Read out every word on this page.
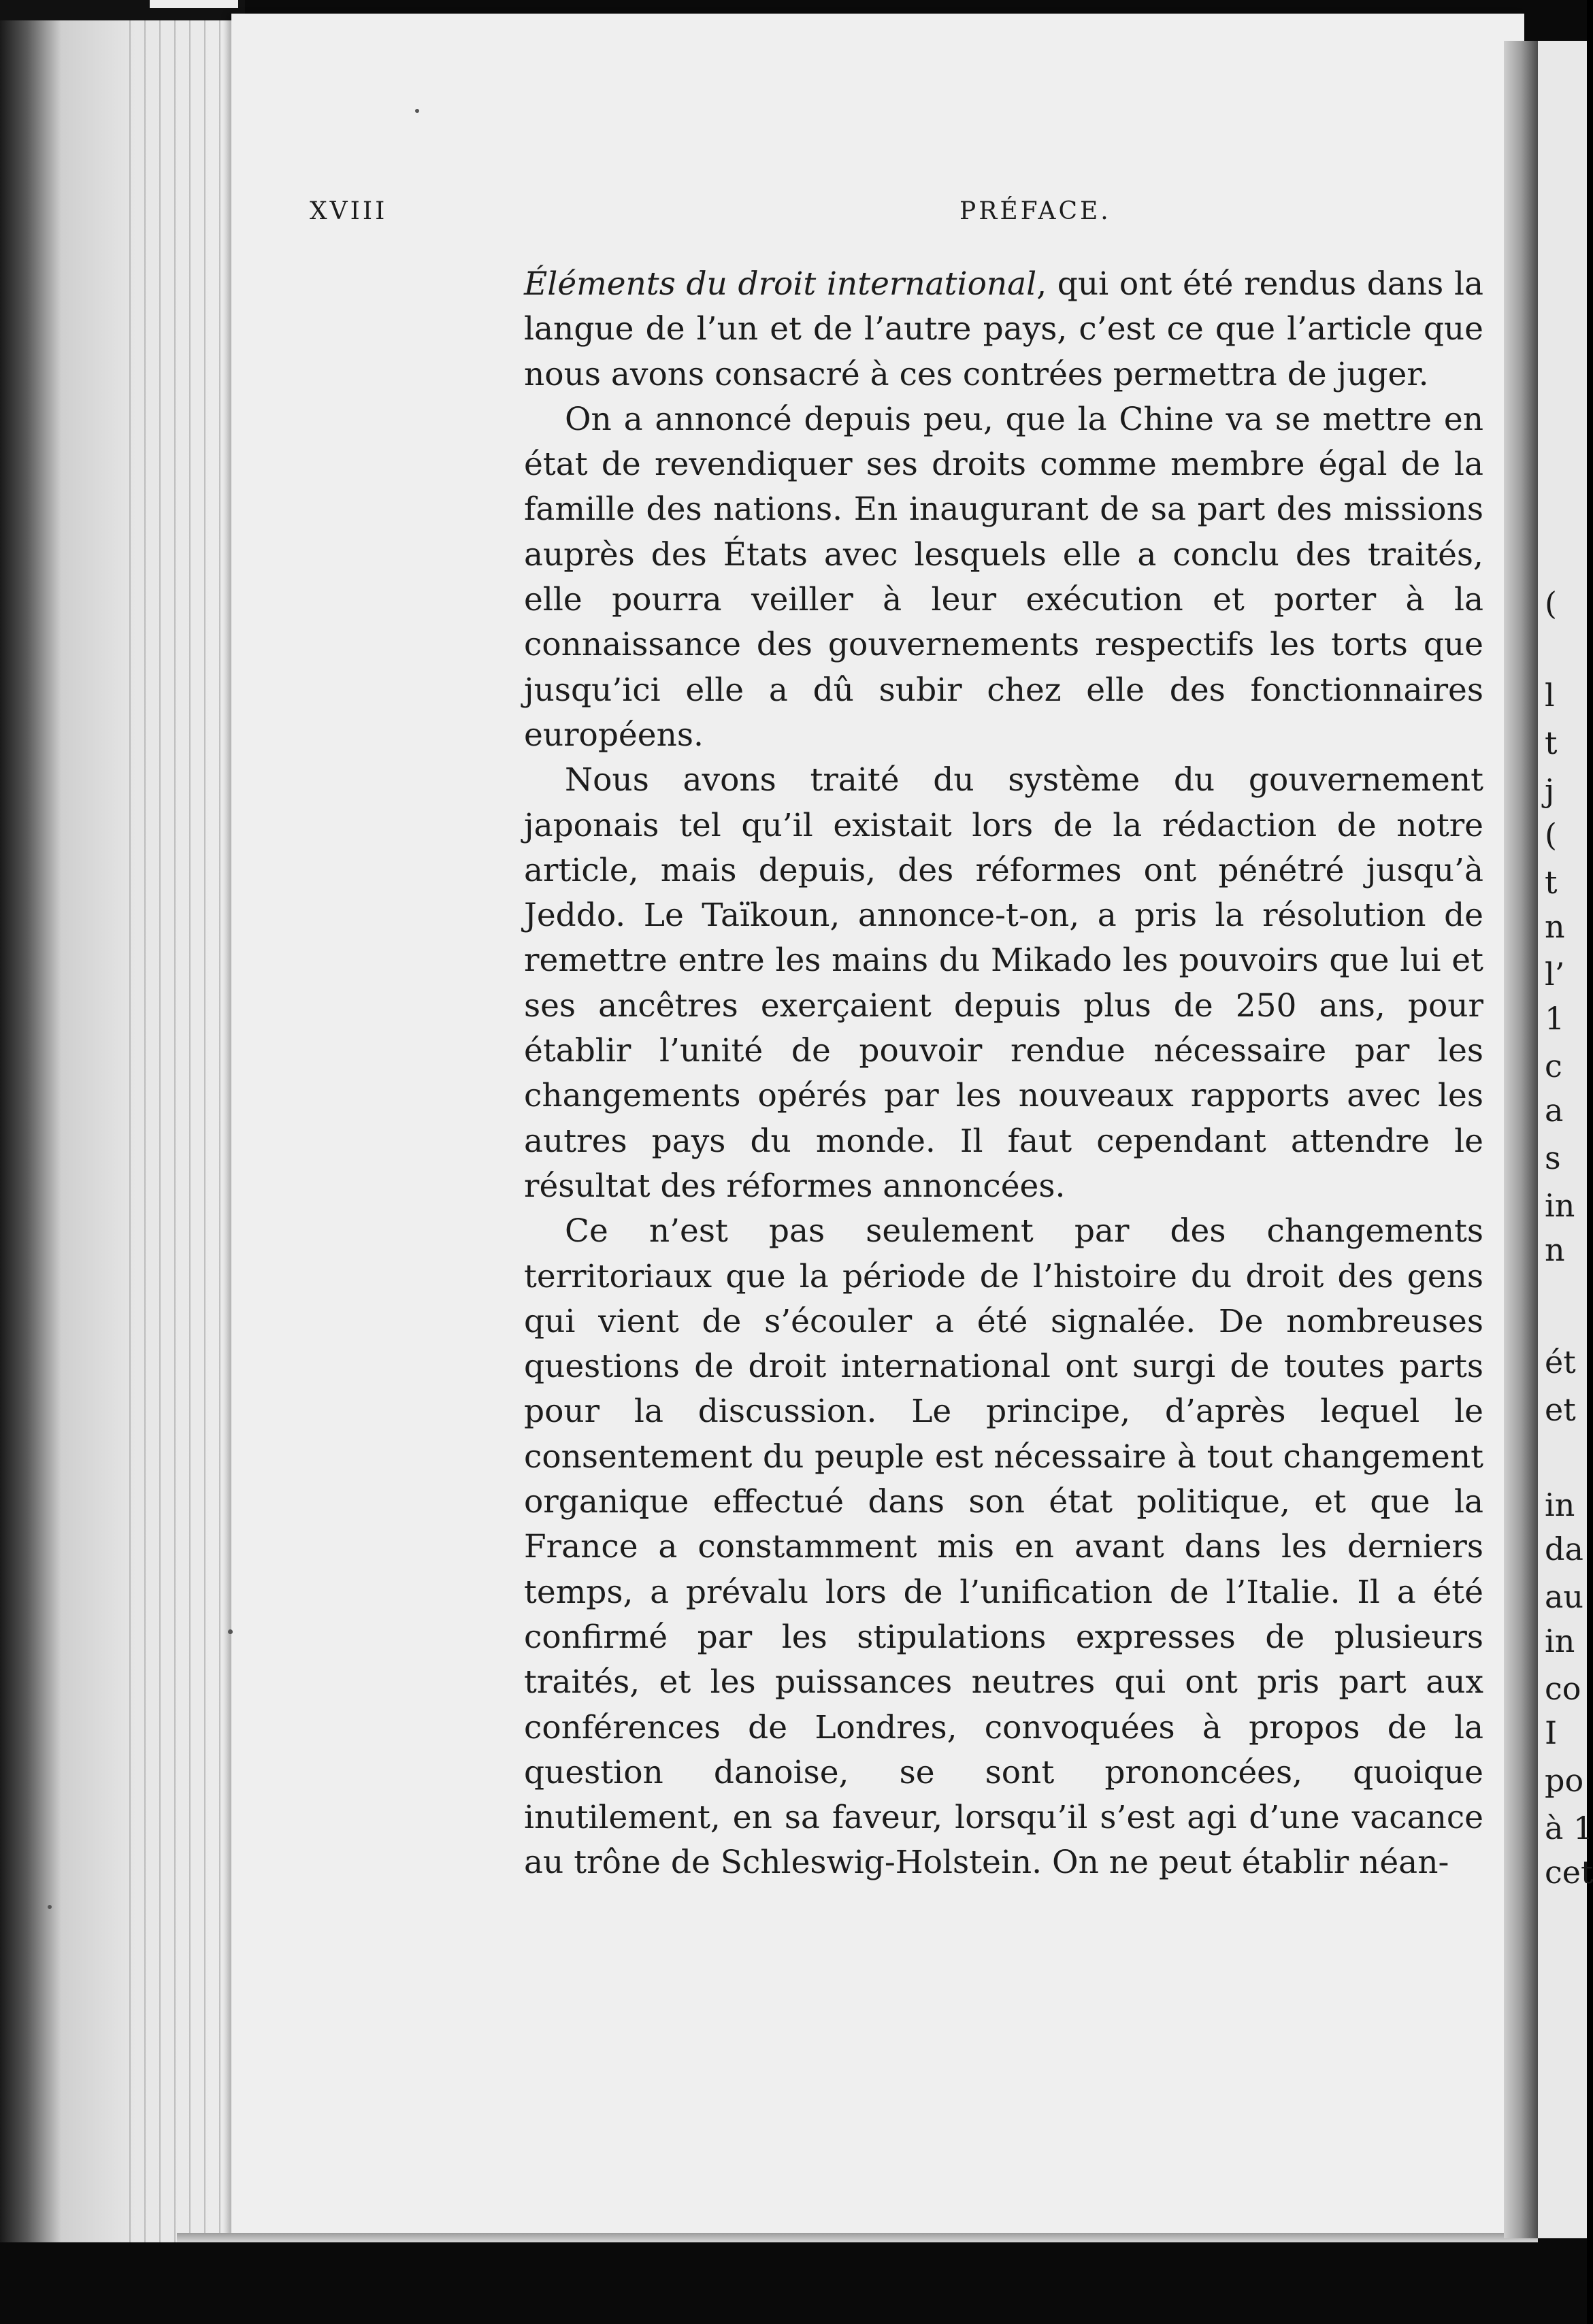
(
l
t
j
(
t
n
l’
1
c
a
s
in
n
ét
et
in
da
au
in
co
I
po
à 1
cet
XVIII	PRÉFACE.

Éléments du droit international, qui ont été rendus dans la langue de l’un et de l’autre pays, c’est ce que l’article que nous avons consacré à ces contrées permettra de juger.

On a annoncé depuis peu, que la Chine va se mettre en état de revendiquer ses droits comme membre égal de la famille des nations. En inaugurant de sa part des missions auprès des États avec lesquels elle a conclu des traités, elle pourra veiller à leur exécution et porter à la connaissance des gouvernements respectifs les torts que jusqu’ici elle a dû subir chez elle des fonctionnaires européens.

Nous avons traité du système du gouvernement japonais tel qu’il existait lors de la rédaction de notre article, mais depuis, des réformes ont pénétré jusqu’à Jeddo. Le Taïkoun, annonce-t-on, a pris la résolution de remettre entre les mains du Mikado les pouvoirs que lui et ses ancêtres exerçaient depuis plus de 250 ans, pour établir l’unité de pouvoir rendue nécessaire par les changements opérés par les nouveaux rapports avec les autres pays du monde. Il faut cependant attendre le résultat des réformes annoncées.

Ce n’est pas seulement par des changements territoriaux que la période de l’histoire du droit des gens qui vient de s’écouler a été signalée. De nombreuses questions de droit international ont surgi de toutes parts pour la discussion. Le principe, d’après lequel le consentement du peuple est nécessaire à tout changement organique effectué dans son état politique, et que la France a constamment mis en avant dans les derniers temps, a prévalu lors de l’unification de l’Italie. Il a été confirmé par les stipulations expresses de plusieurs traités, et les puissances neutres qui ont pris part aux conférences de Londres, convoquées à propos de la question danoise, se sont prononcées, quoique inutilement, en sa faveur, lorsqu’il s’est agi d’une vacance au trône de Schleswig-Holstein. On ne peut établir néan-
